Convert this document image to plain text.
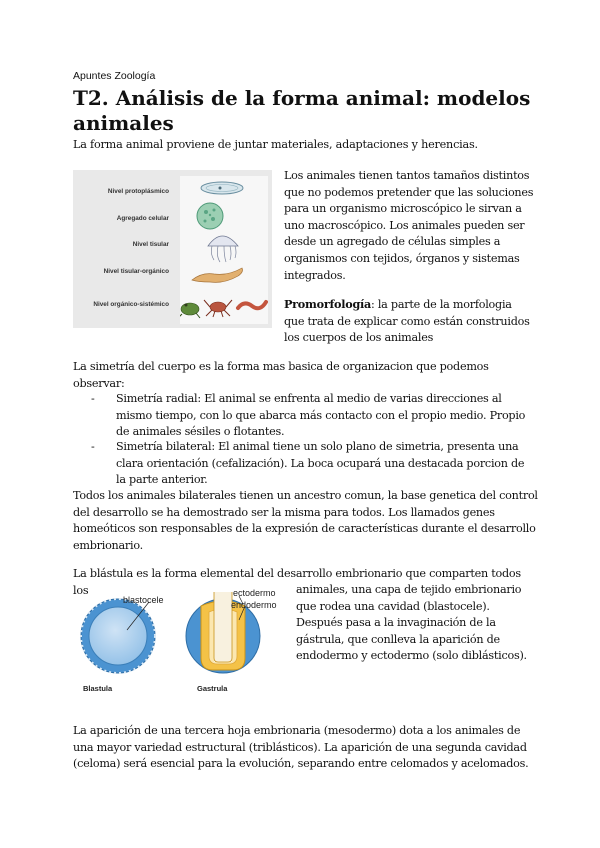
Apuntes Zoología
T2. Análisis de la forma animal: modelos animales
La forma animal proviene de juntar materiales, adaptaciones y herencias.
Nivel protoplásmico
Agregado celular
Nivel tisular
Nivel tisular-orgánico
Nivel orgánico-sistémico
Los animales tienen tantos tamaños distintos que no podemos pretender que las soluciones para un organismo microscópico le sirvan a uno macroscópico. Los animales pueden ser desde un agregado de células simples a organismos con tejidos, órganos y sistemas integrados.
Promorfología: la parte de la morfologia que trata de explicar como están construidos los cuerpos de los animales
La simetría del cuerpo es la forma mas basica de organizacion que podemos observar:
- Simetría radial: El animal se enfrenta al medio de varias direcciones al mismo tiempo, con lo que abarca más contacto con el propio medio. Propio de animales sésiles o flotantes.
- Simetría bilateral: El animal tiene un solo plano de simetria, presenta una clara orientación (cefalización). La boca ocupará una destacada porcion de la parte anterior.
Todos los animales bilaterales tienen un ancestro comun, la base genetica del control del desarrollo se ha demostrado ser la misma para todos. Los llamados genes homeóticos son responsables de la expresión de características durante el desarrollo embrionario.
La blástula es la forma elemental del desarrollo embrionario que comparten todos los
blastocele
ectodermo
endodermo
Blastula	Gastrula
animales, una capa de tejido embrionario que rodea una cavidad (blastocele). Después pasa a la invaginación de la gástrula, que conlleva la aparición de endodermo y ectodermo (solo diblásticos).
La aparición de una tercera hoja embrionaria (mesodermo) dota a los animales de una mayor variedad estructural (triblásticos). La aparición de una segunda cavidad (celoma) será esencial para la evolución, separando entre celomados y acelomados.
